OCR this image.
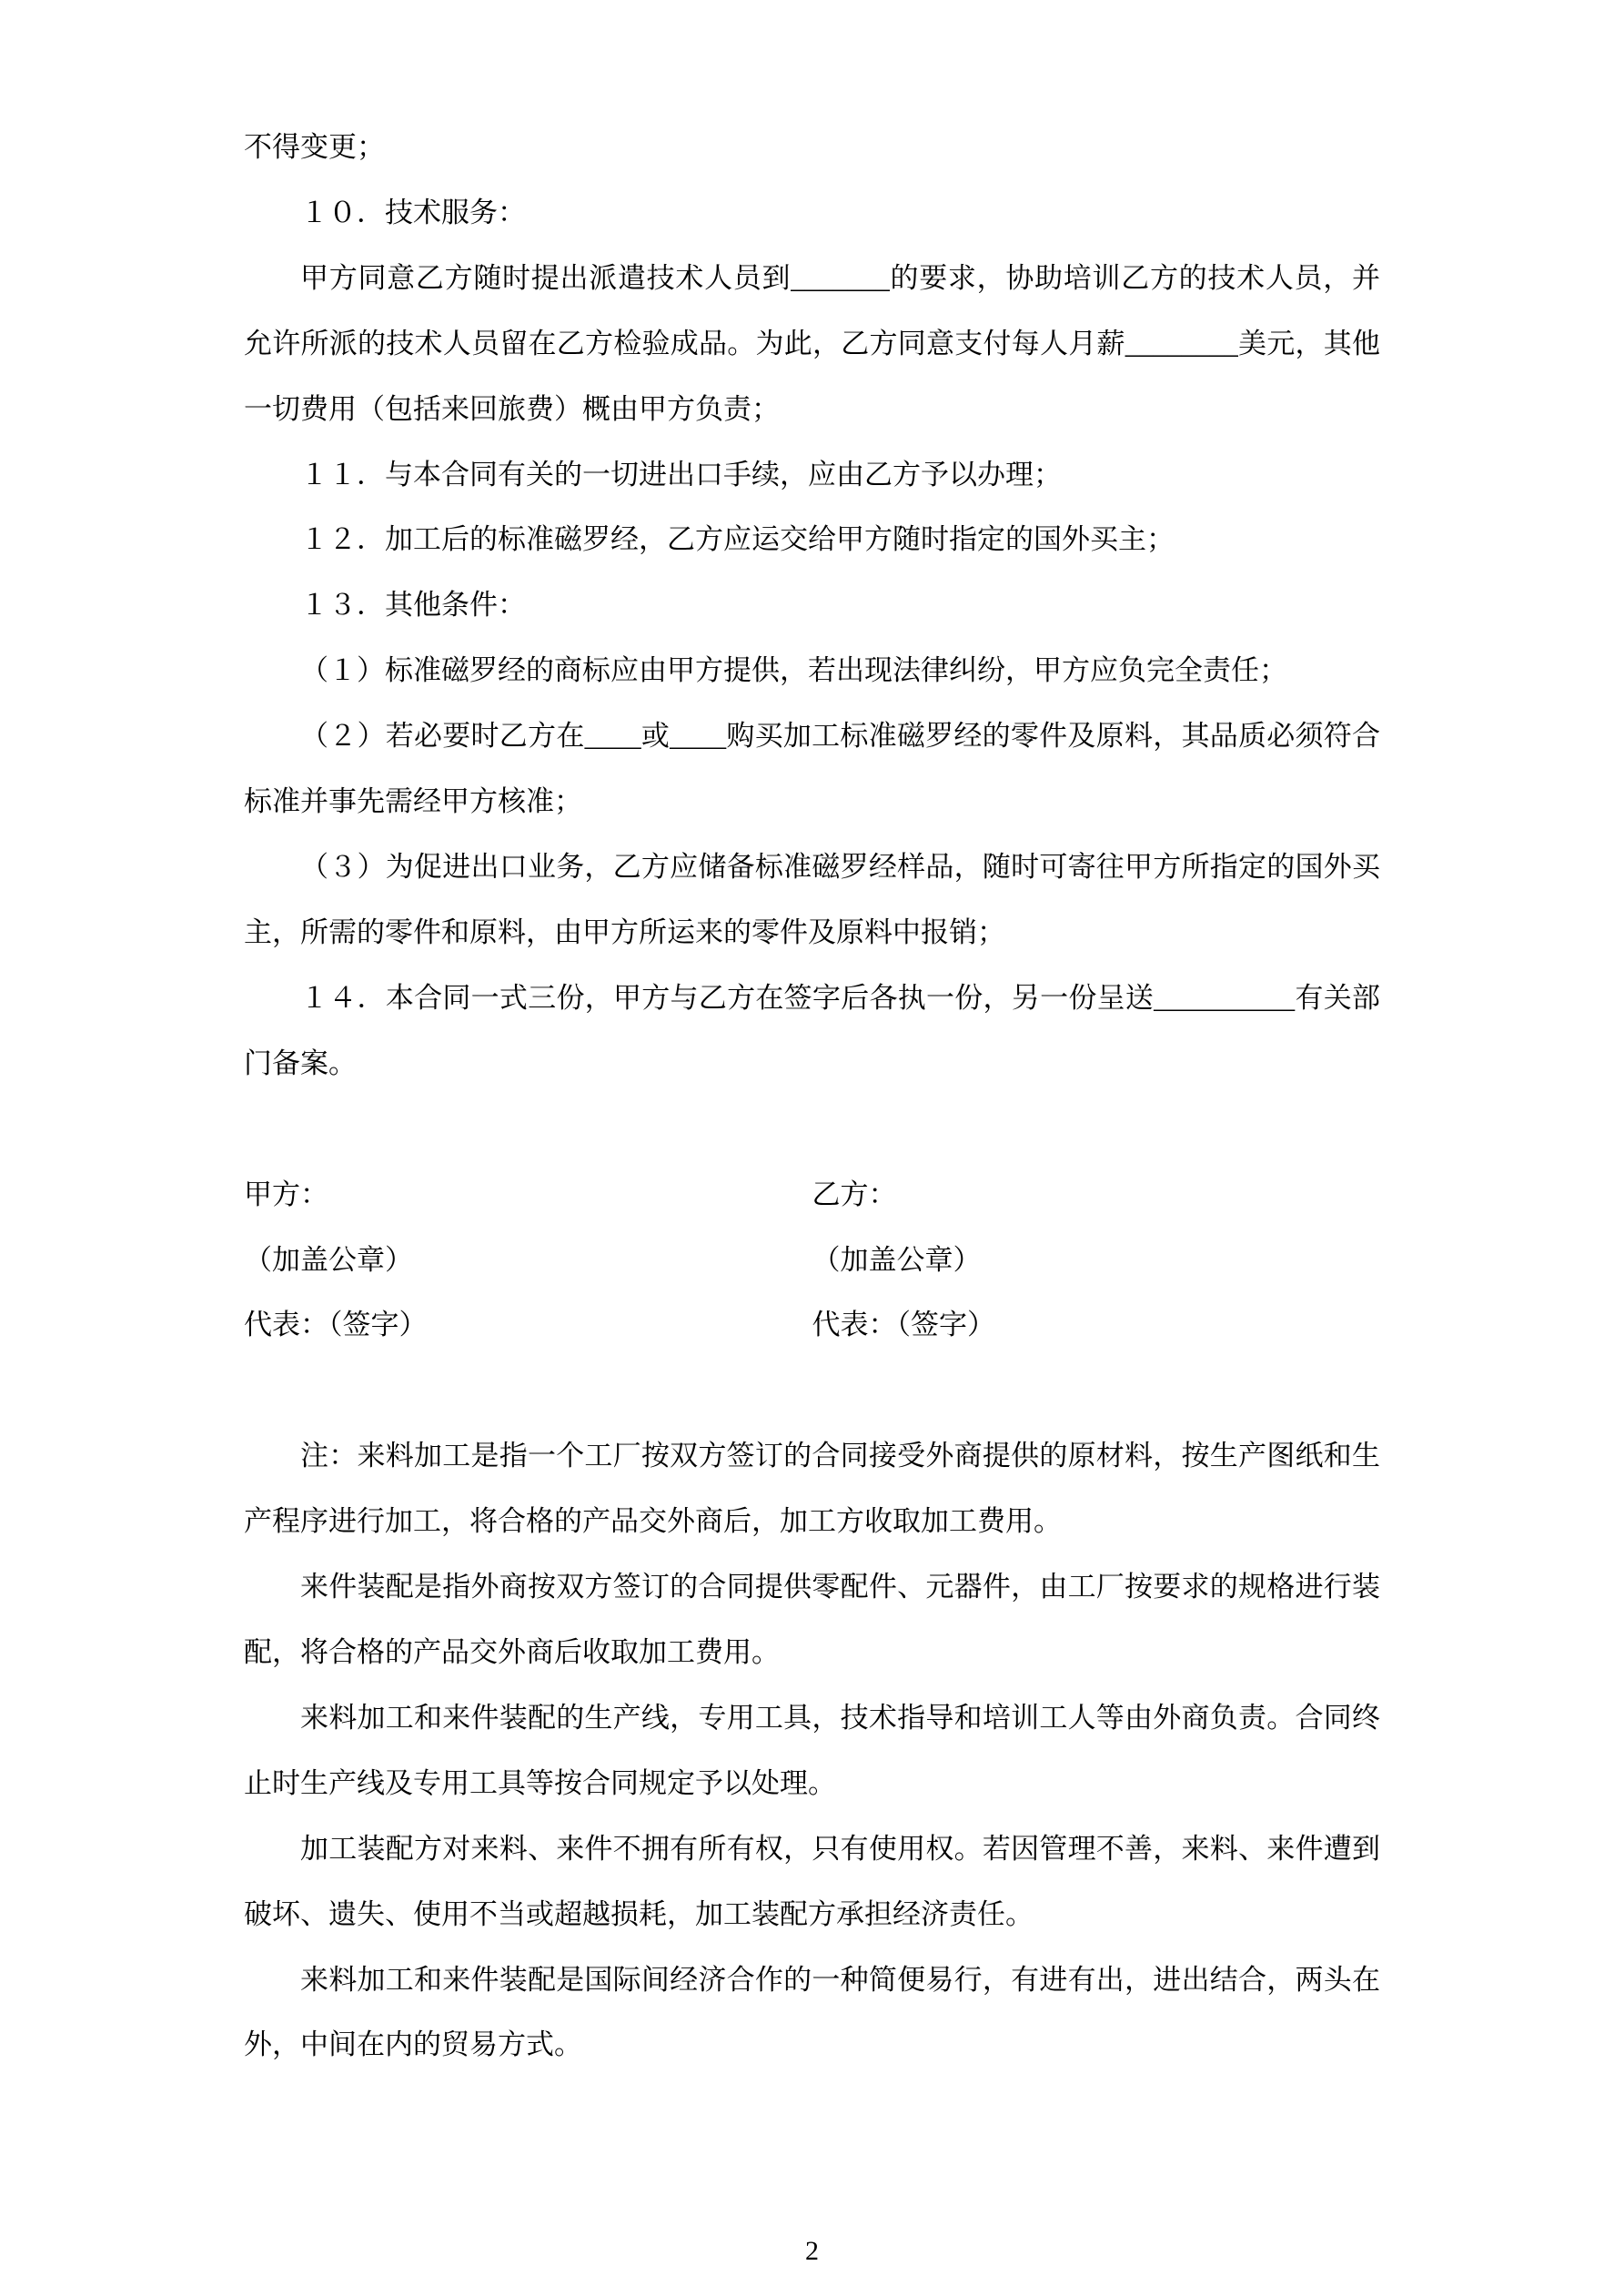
不得变更；

１０．技术服务：

甲方同意乙方随时提出派遣技术人员到_______的要求，协助培训乙方的技术人员，并允许所派的技术人员留在乙方检验成品。为此，乙方同意支付每人月薪________美元，其他一切费用（包括来回旅费）概由甲方负责；

１１．与本合同有关的一切进出口手续，应由乙方予以办理；

１２．加工后的标准磁罗经，乙方应运交给甲方随时指定的国外买主；

１３．其他条件：

（１）标准磁罗经的商标应由甲方提供，若出现法律纠纷，甲方应负完全责任；

（２）若必要时乙方在____或____购买加工标准磁罗经的零件及原料，其品质必须符合标准并事先需经甲方核准；

（３）为促进出口业务，乙方应储备标准磁罗经样品，随时可寄往甲方所指定的国外买主，所需的零件和原料，由甲方所运来的零件及原料中报销；

１４．本合同一式三份，甲方与乙方在签字后各执一份，另一份呈送__________有关部门备案。

甲方：

（加盖公章）

代表：（签字）

乙方：

（加盖公章）

代表：（签字）

注：来料加工是指一个工厂按双方签订的合同接受外商提供的原材料，按生产图纸和生产程序进行加工，将合格的产品交外商后，加工方收取加工费用。

来件装配是指外商按双方签订的合同提供零配件、元器件，由工厂按要求的规格进行装配，将合格的产品交外商后收取加工费用。

来料加工和来件装配的生产线，专用工具，技术指导和培训工人等由外商负责。合同终止时生产线及专用工具等按合同规定予以处理。

加工装配方对来料、来件不拥有所有权，只有使用权。若因管理不善，来料、来件遭到破坏、遗失、使用不当或超越损耗，加工装配方承担经济责任。

来料加工和来件装配是国际间经济合作的一种简便易行，有进有出，进出结合，两头在外，中间在内的贸易方式。

2
